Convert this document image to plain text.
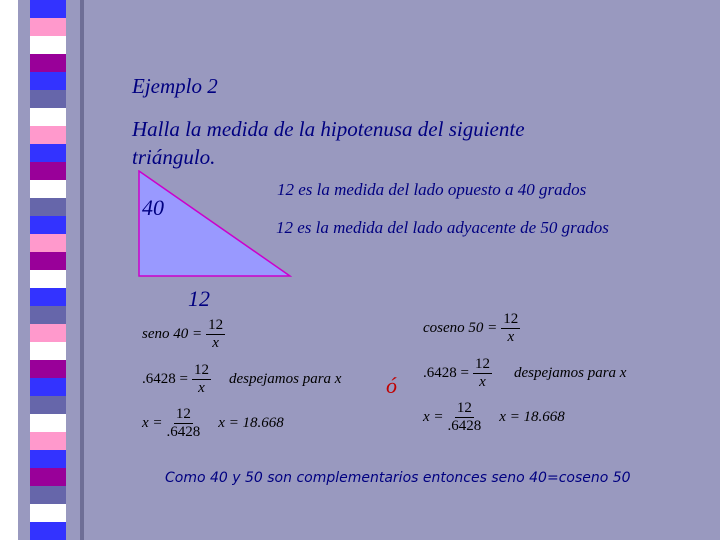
Ejemplo 2
Halla la medida de la hipotenusa del siguiente
triángulo.
40
12
12 es la medida del lado opuesto a 40 grados
12 es la medida del lado adyacente de 50 grados
seno $40 = \frac{12}{x}$
$.6428 = \frac{12}{x}$ despejamos para x
$x = \frac{12}{.6428}$ x = 18.668
ó
coseno $50 = \frac{12}{x}$
$.6428 = \frac{12}{x}$ despejamos para x
$x = \frac{12}{.6428}$ x = 18.668
Como 40 y 50 son complementarios entonces seno 40=coseno 50
